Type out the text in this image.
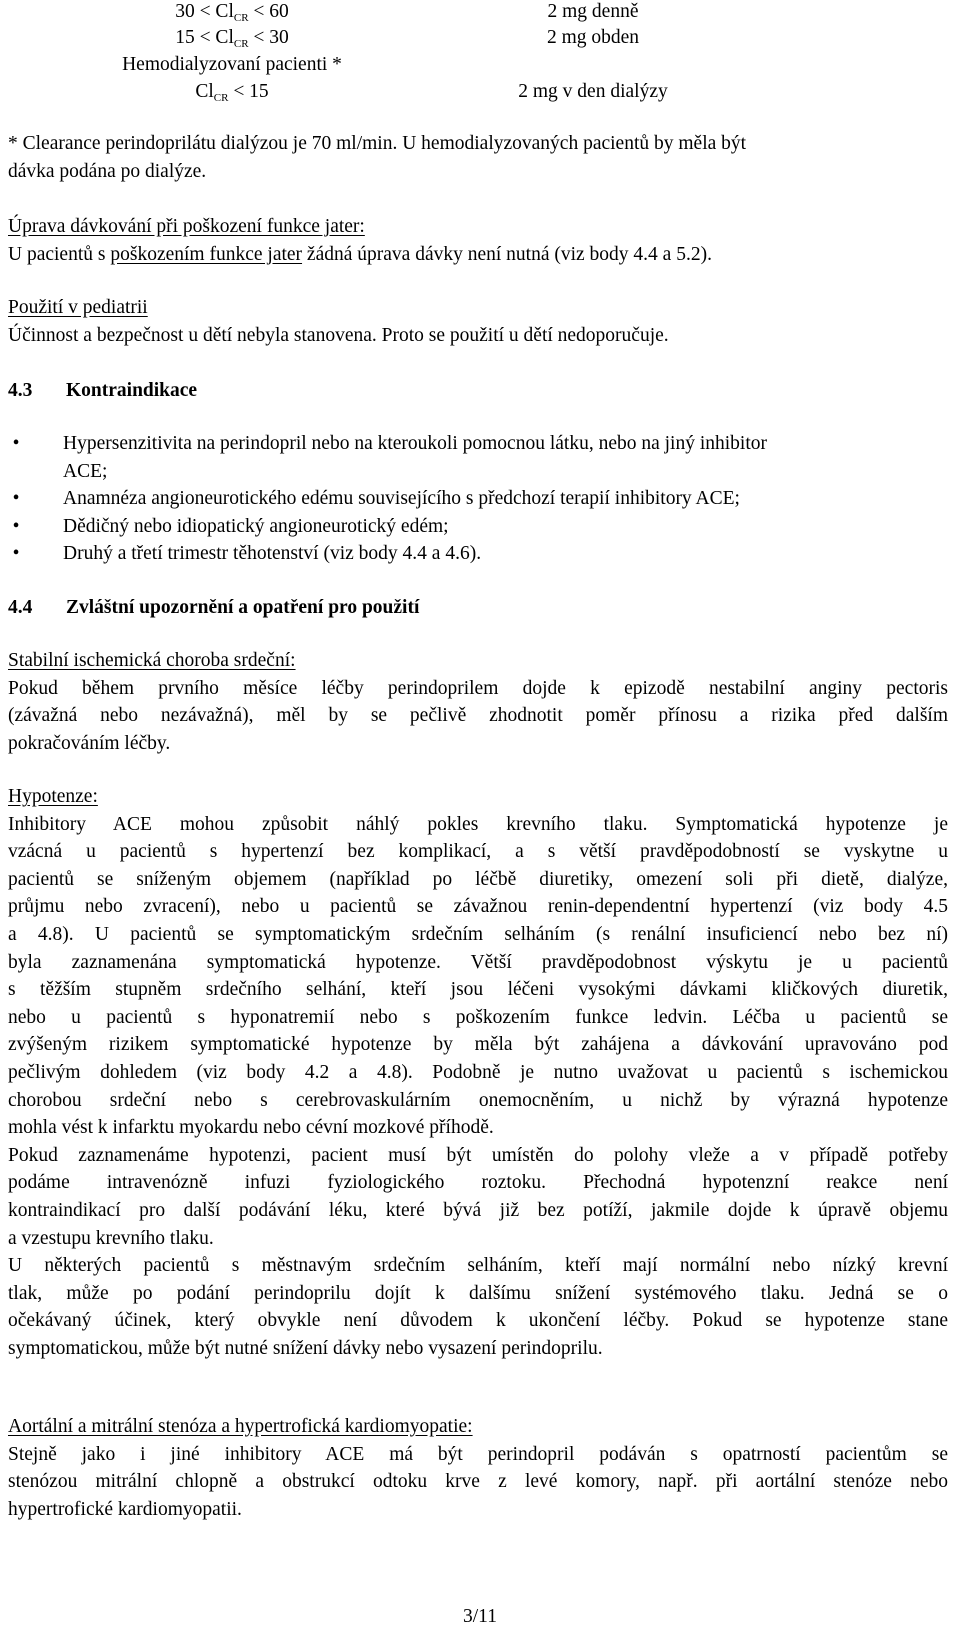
$30 < Cl_{CR} < 60$	2 mg denně
$15 < Cl_{CR} < 30$	2 mg obden
Hemodialyzovaní pacienti *
$Cl_{CR} < 15$	2 mg v den dialýzy
* Clearance perindoprilátu dialýzou je 70 ml/min. U hemodialyzovaných pacientů by měla být
dávka podána po dialýze.
Úprava dávkování při poškození funkce jater:
U pacientů s poškozením funkce jater žádná úprava dávky není nutná (viz body 4.4 a 5.2).
Použití v pediatrii
Účinnost a bezpečnost u dětí nebyla stanovena. Proto se použití u dětí nedoporučuje.
4.3 Kontraindikace
• Hypersenzitivita na perindopril nebo na kteroukoli pomocnou látku, nebo na jiný inhibitor
ACE;
• Anamnéza angioneurotického edému souvisejícího s předchozí terapií inhibitory ACE;
• Dědičný nebo idiopatický angioneurotický edém;
• Druhý a třetí trimestr těhotenství (viz body 4.4 a 4.6).
4.4 Zvláštní upozornění a opatření pro použití
Stabilní ischemická choroba srdeční:
Pokud během prvního měsíce léčby perindoprilem dojde k epizodě nestabilní anginy pectoris
(závažná nebo nezávažná), měl by se pečlivě zhodnotit poměr přínosu a rizika před dalším
pokračováním léčby.
Hypotenze:
Inhibitory ACE mohou způsobit náhlý pokles krevního tlaku. Symptomatická hypotenze je
vzácná u pacientů s hypertenzí bez komplikací, a s větší pravděpodobností se vyskytne u
pacientů se sníženým objemem (například po léčbě diuretiky, omezení soli při dietě, dialýze,
průjmu nebo zvracení), nebo u pacientů se závažnou renin-dependentní hypertenzí (viz body 4.5
a 4.8). U pacientů se symptomatickým srdečním selháním (s renální insuficiencí nebo bez ní)
byla zaznamenána symptomatická hypotenze. Větší pravděpodobnost výskytu je u pacientů
s těžším stupněm srdečního selhání, kteří jsou léčeni vysokými dávkami kličkových diuretik,
nebo u pacientů s hyponatremií nebo s poškozením funkce ledvin. Léčba u pacientů se
zvýšeným rizikem symptomatické hypotenze by měla být zahájena a dávkování upravováno pod
pečlivým dohledem (viz body 4.2 a 4.8). Podobně je nutno uvažovat u pacientů s ischemickou
chorobou srdeční nebo s cerebrovaskulárním onemocněním, u nichž by výrazná hypotenze
mohla vést k infarktu myokardu nebo cévní mozkové příhodě.
Pokud zaznamenáme hypotenzi, pacient musí být umístěn do polohy vleže a v případě potřeby
podáme intravenózně infuzi fyziologického roztoku. Přechodná hypotenzní reakce není
kontraindikací pro další podávání léku, které bývá již bez potíží, jakmile dojde k úpravě objemu
a vzestupu krevního tlaku.
U některých pacientů s městnavým srdečním selháním, kteří mají normální nebo nízký krevní
tlak, může po podání perindoprilu dojít k dalšímu snížení systémového tlaku. Jedná se o
očekávaný účinek, který obvykle není důvodem k ukončení léčby. Pokud se hypotenze stane
symptomatickou, může být nutné snížení dávky nebo vysazení perindoprilu.
Aortální a mitrální stenóza a hypertrofická kardiomyopatie:
Stejně jako i jiné inhibitory ACE má být perindopril podáván s opatrností pacientům se
stenózou mitrální chlopně a obstrukcí odtoku krve z levé komory, např. při aortální stenóze nebo
hypertrofické kardiomyopatii.
3/11
